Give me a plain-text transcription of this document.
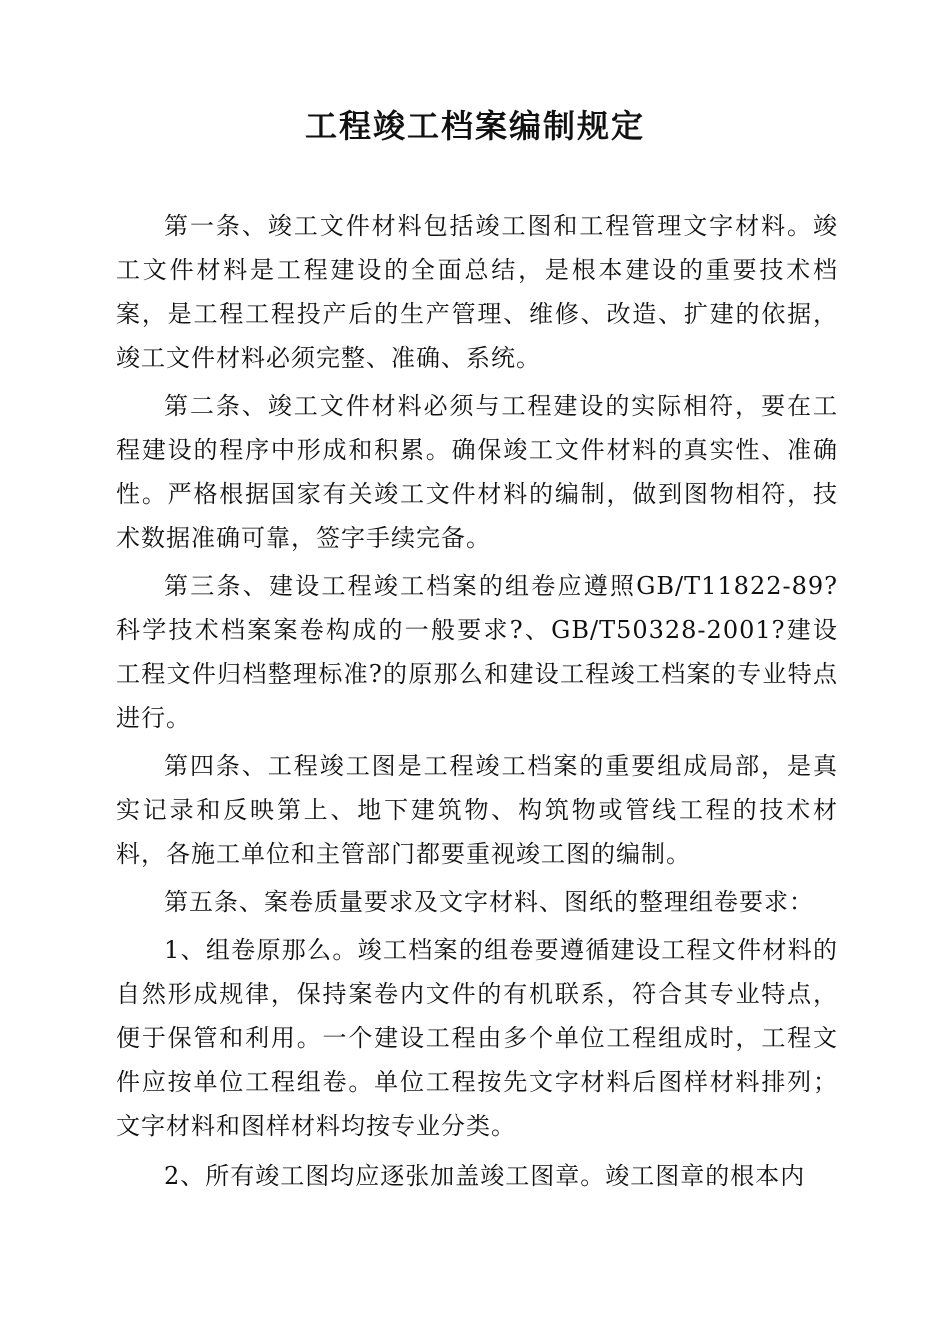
工程竣工档案编制规定

第一条、竣工文件材料包括竣工图和工程管理文字材料。竣工文件材料是工程建设的全面总结，是根本建设的重要技术档案，是工程工程投产后的生产管理、维修、改造、扩建的依据，竣工文件材料必须完整、准确、系统。

第二条、竣工文件材料必须与工程建设的实际相符，要在工程建设的程序中形成和积累。确保竣工文件材料的真实性、准确性。严格根据国家有关竣工文件材料的编制，做到图物相符，技术数据准确可靠，签字手续完备。

第三条、建设工程竣工档案的组卷应遵照GB/T11822-89?科学技术档案案卷构成的一般要求?、GB/T50328-2001?建设工程文件归档整理标准?的原那么和建设工程竣工档案的专业特点进行。

第四条、工程竣工图是工程竣工档案的重要组成局部，是真实记录和反映第上、地下建筑物、构筑物或管线工程的技术材料，各施工单位和主管部门都要重视竣工图的编制。

第五条、案卷质量要求及文字材料、图纸的整理组卷要求：

1、组卷原那么。竣工档案的组卷要遵循建设工程文件材料的自然形成规律，保持案卷内文件的有机联系，符合其专业特点，便于保管和利用。一个建设工程由多个单位工程组成时，工程文件应按单位工程组卷。单位工程按先文字材料后图样材料排列；文字材料和图样材料均按专业分类。

2、所有竣工图均应逐张加盖竣工图章。竣工图章的根本内
